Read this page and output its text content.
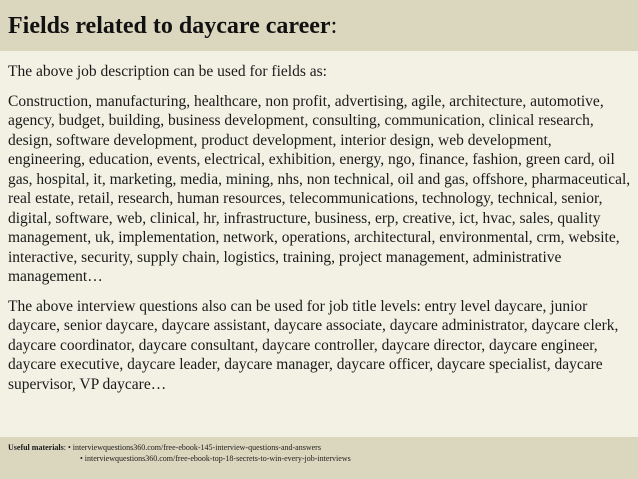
Fields related to daycare career:

The above job description can be used for fields as:

Construction, manufacturing, healthcare, non profit, advertising, agile, architecture, automotive, agency, budget, building, business development, consulting, communication, clinical research, design, software development, product development, interior design, web development, engineering, education, events, electrical, exhibition, energy, ngo, finance, fashion, green card, oil gas, hospital, it, marketing, media, mining, nhs, non technical, oil and gas, offshore, pharmaceutical, real estate, retail, research, human resources, telecommunications, technology, technical, senior, digital, software, web, clinical, hr, infrastructure, business, erp, creative, ict, hvac, sales, quality management, uk, implementation, network, operations, architectural, environmental, crm, website, interactive, security, supply chain, logistics, training, project management, administrative management…

The above interview questions also can be used for job title levels: entry level daycare, junior daycare, senior daycare, daycare assistant, daycare associate, daycare administrator, daycare clerk, daycare coordinator, daycare consultant, daycare controller, daycare director, daycare engineer, daycare executive, daycare leader, daycare manager, daycare officer, daycare specialist, daycare supervisor, VP daycare…

Useful materials: • interviewquestions360.com/free-ebook-145-interview-questions-and-answers
• interviewquestions360.com/free-ebook-top-18-secrets-to-win-every-job-interviews
